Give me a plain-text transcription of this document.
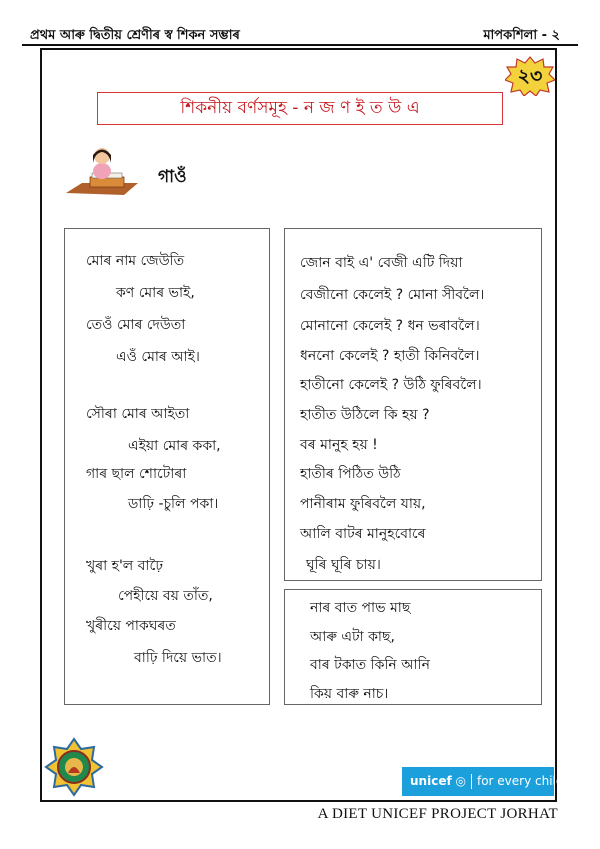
প্ৰথম আৰু দ্বিতীয় শ্ৰেণীৰ স্ব শিকন সম্ভাৰ	মাপকশিলা - ২
২৩
শিকনীয় বৰ্ণসমূহ - ন জ ণ ই ত উ এ
গাওঁ
মোৰ নাম জেউতি
কণ মোৰ ভাই,
তেওঁ মোৰ দেউতা
এওঁ মোৰ আই।
সৌৰা মোৰ আইতা
এইয়া মোৰ ককা,
গাৰ ছাল শোটোৰা
ডাঢ়ি -চুলি পকা।
খুৰা হ'ল বাঢ়ৈ
পেহীয়ে বয় তাঁত,
খুৰীয়ে পাকঘৰত
বাঢ়ি দিয়ে ভাত।
জোন বাই এ' বেজী এটি দিয়া
বেজীনো কেলেই ? মোনা সীবলৈ।
মোনানো কেলেই ? ধন ভৰাবলৈ।
ধননো কেলেই ? হাতী কিনিবলৈ।
হাতীনো কেলেই ? উঠি ফুৰিবলৈ।
হাতীত উঠিলে কি হয় ?
বৰ মানুহ হয় !
হাতীৰ পিঠিত উঠি
পানীৰাম ফুৰিবলৈ যায়,
আলি বাটৰ মানুহবোৰে
ঘূৰি ঘূৰি চায়।
নাৰ বাত পাভ মাছ
আৰু এটা কাছ,
বাৰ টকাত কিনি আনি
কিয় বাৰু নাচ।
unicef ◎ for every child
A DIET UNICEF PROJECT JORHAT
